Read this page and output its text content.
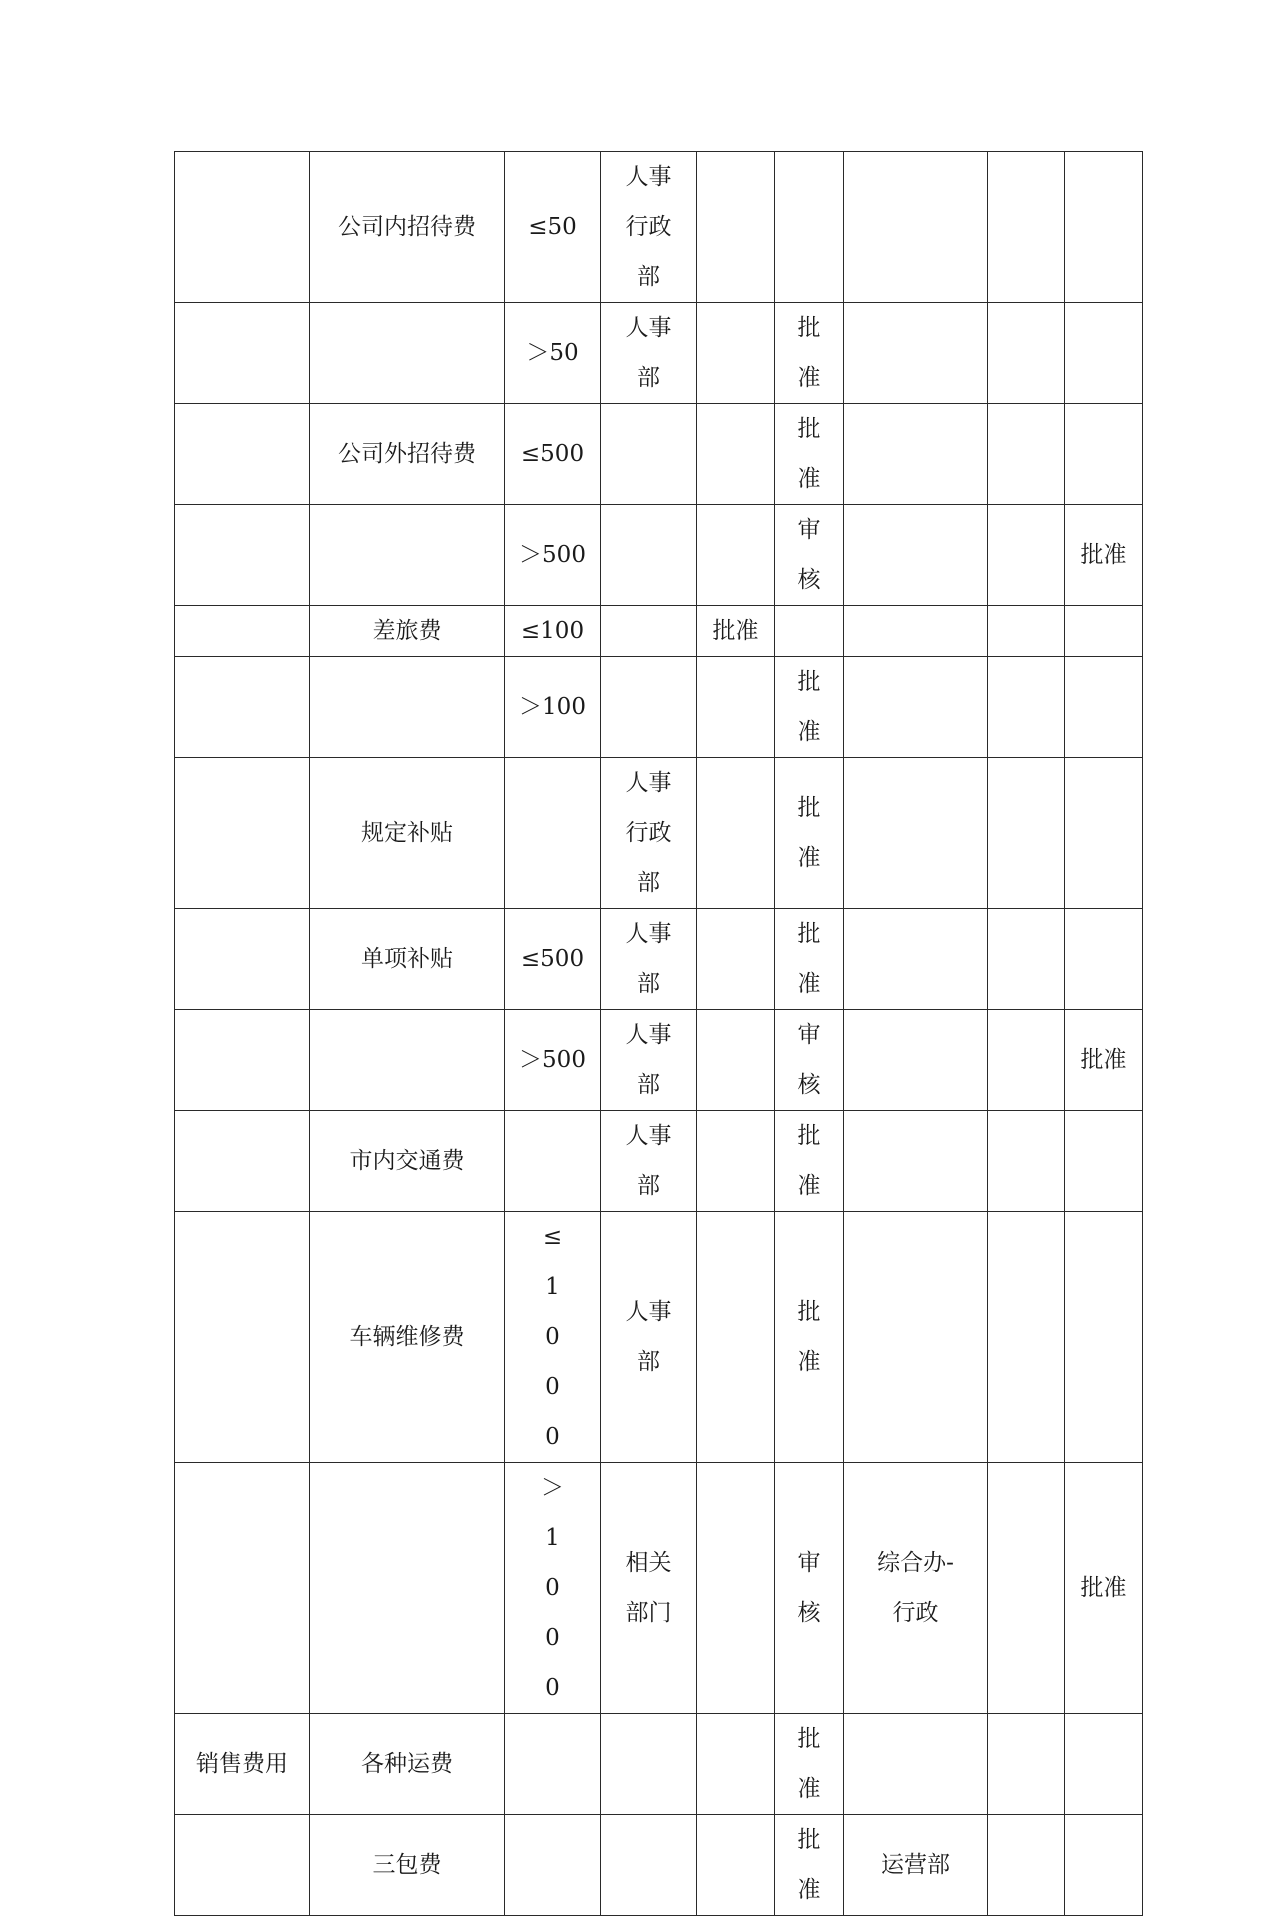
	公司内招待费	≤50	人事行政部					
		＞50	人事部		批准			
	公司外招待费	≤500			批准			
		＞500			审核			批准
	差旅费	≤100		批准				
		＞100			批准			
	规定补贴		人事行政部		批准			
	单项补贴	≤500	人事部		批准			
		＞500	人事部		审核			批准
	市内交通费		人事部		批准			
	车辆维修费	≤1000	人事部		批准			
		＞1000	相关部门		审核	综合办-行政		批准
销售费用	各种运费				批准			
	三包费				批准	运营部		
